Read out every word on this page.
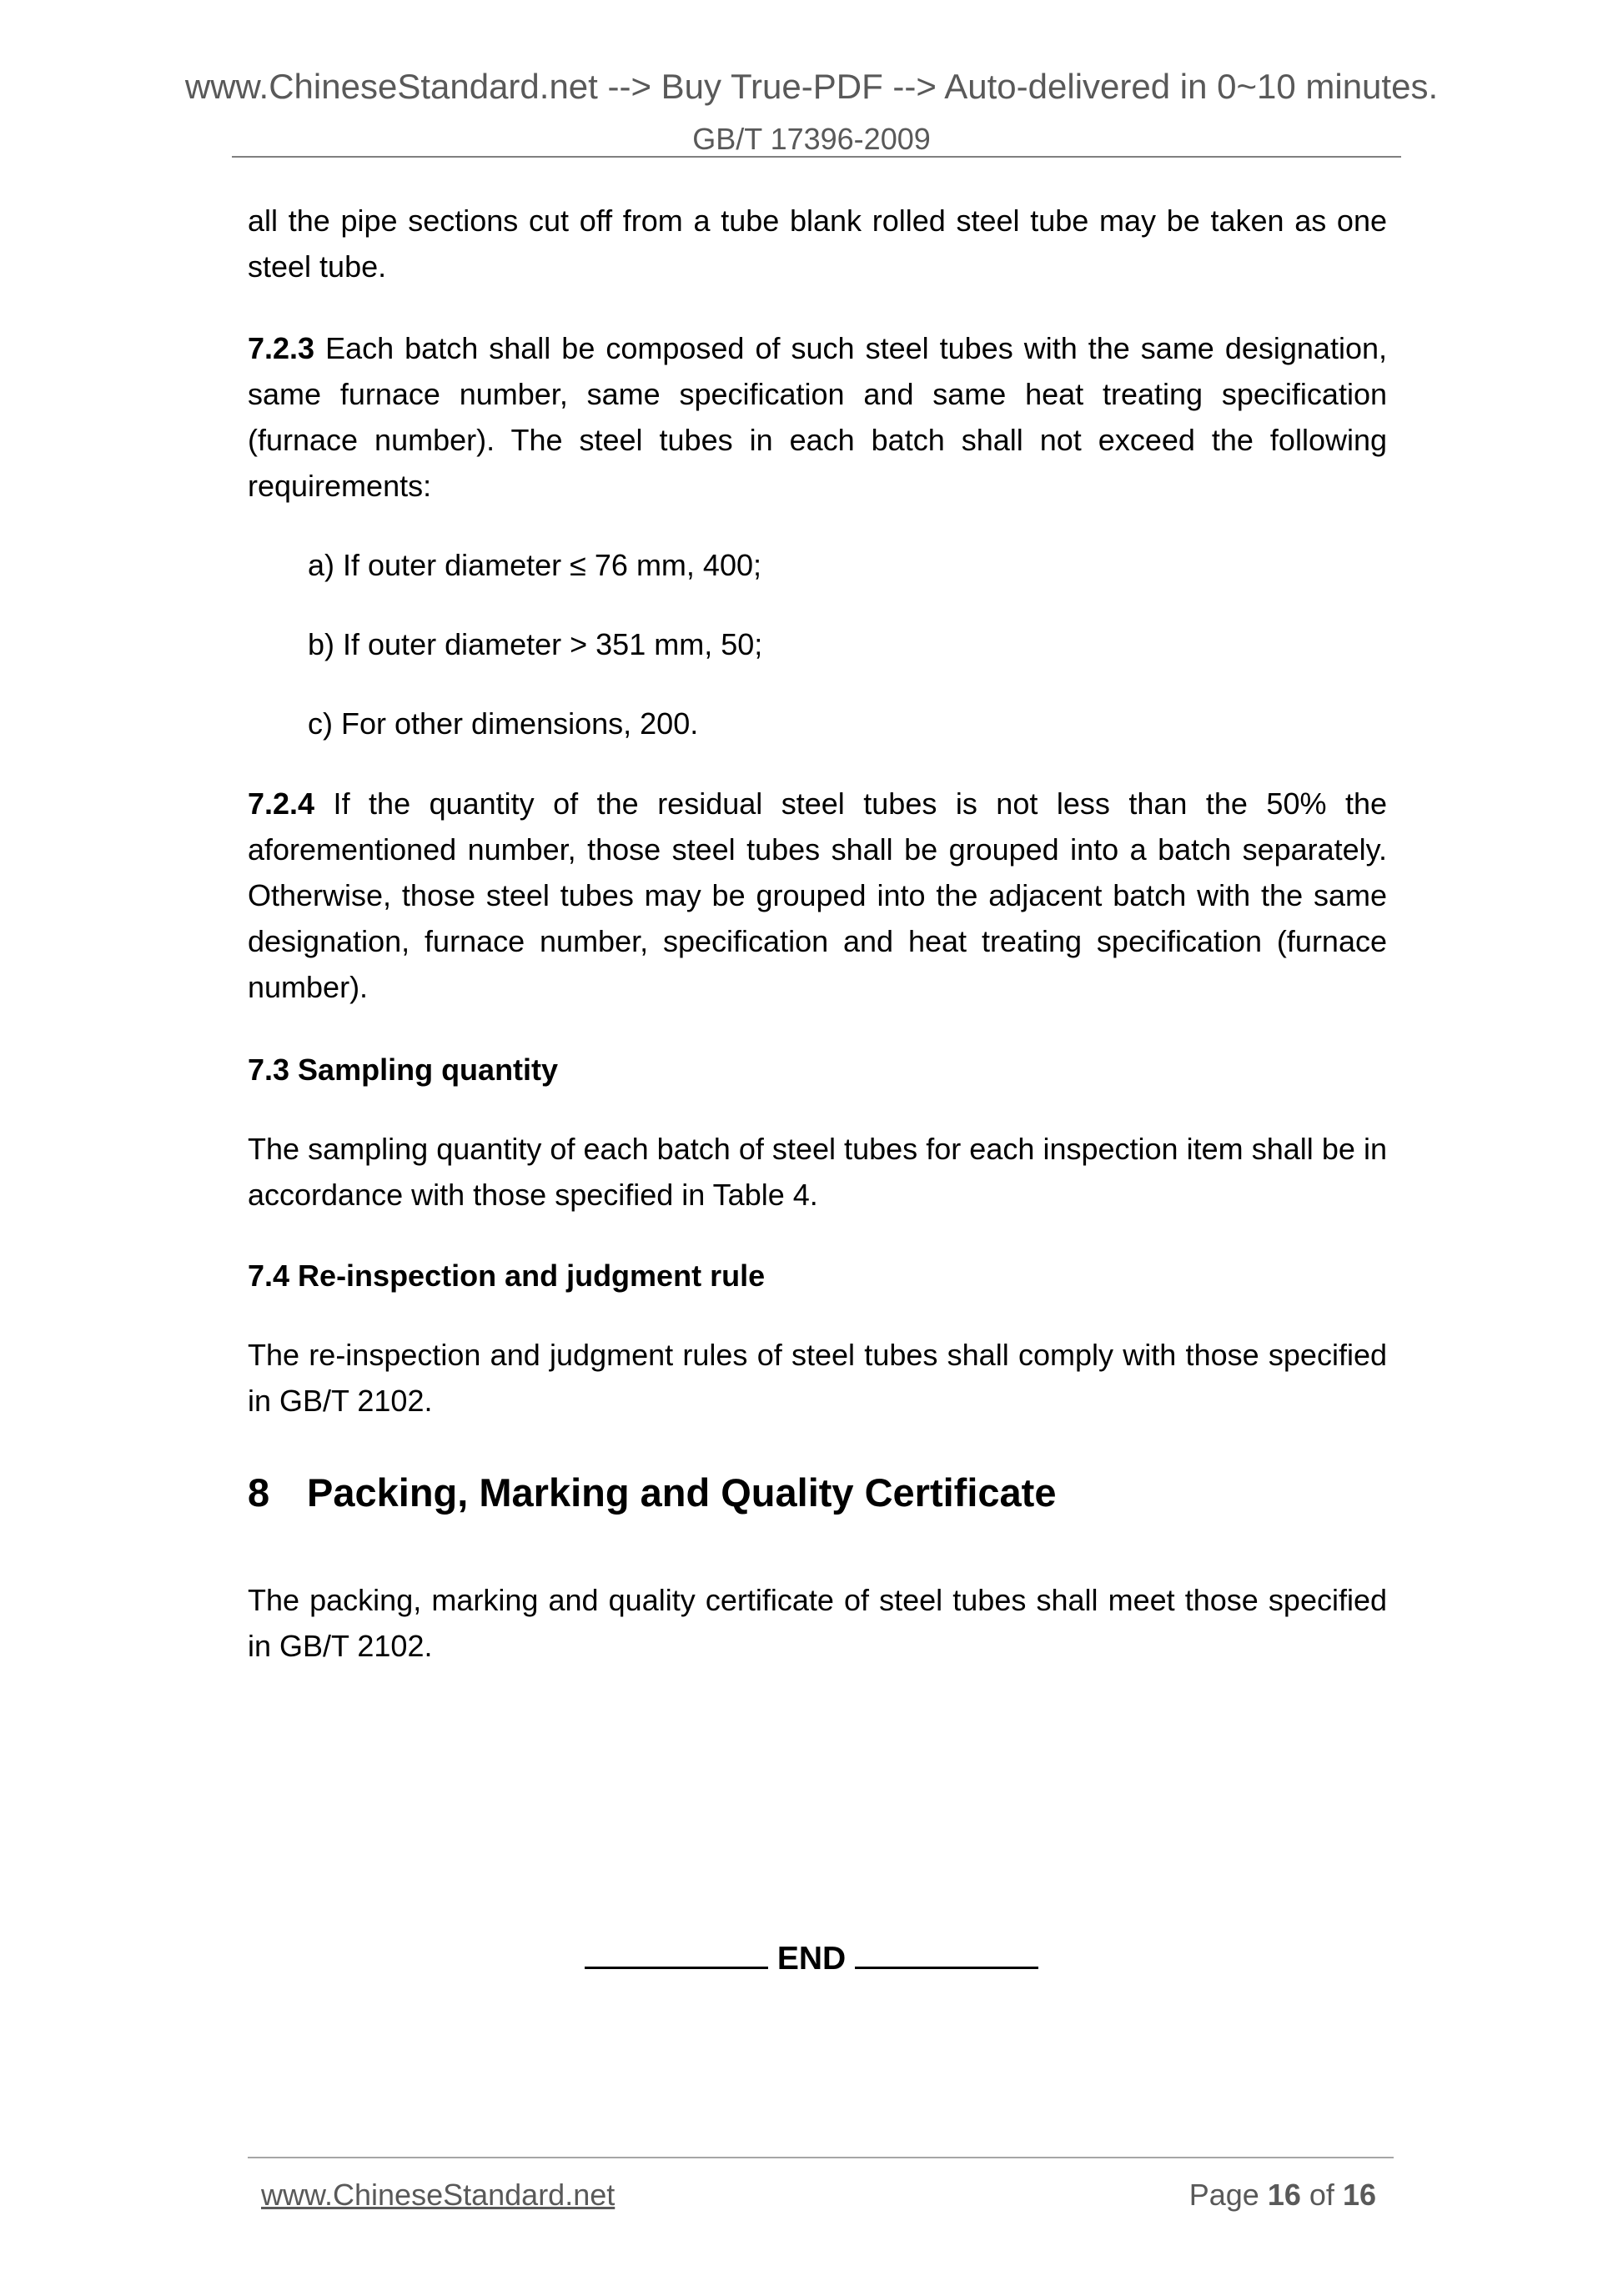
www.ChineseStandard.net --> Buy True-PDF --> Auto-delivered in 0~10 minutes.
GB/T 17396-2009
all the pipe sections cut off from a tube blank rolled steel tube may be taken as one
steel tube.
7.2.3 Each batch shall be composed of such steel tubes with the same designation,
same furnace number, same specification and same heat treating specification
(furnace number). The steel tubes in each batch shall not exceed the following
requirements:
a) If outer diameter ≤ 76 mm, 400;
b) If outer diameter > 351 mm, 50;
c) For other dimensions, 200.
7.2.4 If the quantity of the residual steel tubes is not less than the 50% the
aforementioned number, those steel tubes shall be grouped into a batch separately.
Otherwise, those steel tubes may be grouped into the adjacent batch with the same
designation, furnace number, specification and heat treating specification (furnace
number).
7.3 Sampling quantity
The sampling quantity of each batch of steel tubes for each inspection item shall be in
accordance with those specified in Table 4.
7.4 Re-inspection and judgment rule
The re-inspection and judgment rules of steel tubes shall comply with those specified
in GB/T 2102.
8 Packing, Marking and Quality Certificate
The packing, marking and quality certificate of steel tubes shall meet those specified
in GB/T 2102.
END
www.ChineseStandard.net	Page 16 of 16
